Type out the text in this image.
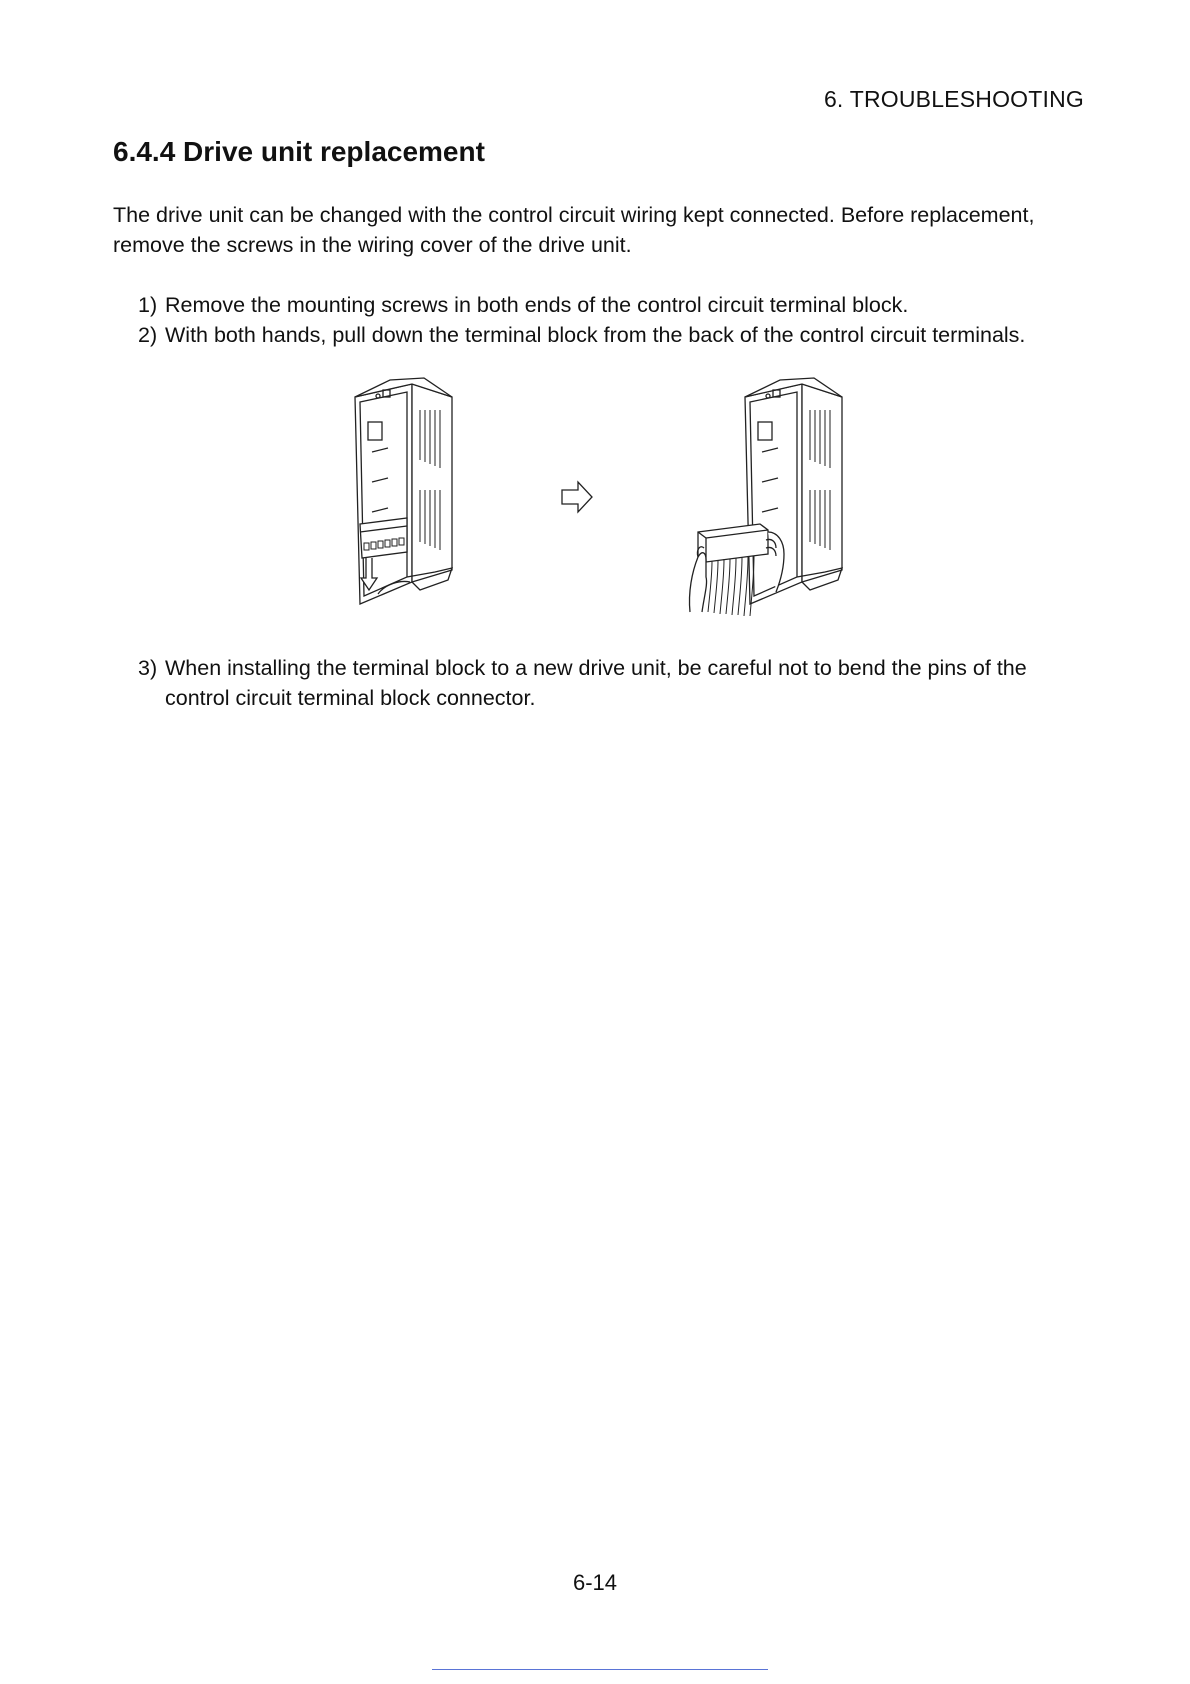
6. TROUBLESHOOTING
6.4.4 Drive unit replacement

The drive unit can be changed with the control circuit wiring kept connected. Before replacement, remove the screws in the wiring cover of the drive unit.

1) Remove the mounting screws in both ends of the control circuit terminal block.
2) With both hands, pull down the terminal block from the back of the control circuit terminals.
3) When installing the terminal block to a new drive unit, be careful not to bend the pins of the control circuit terminal block connector.
6-14
